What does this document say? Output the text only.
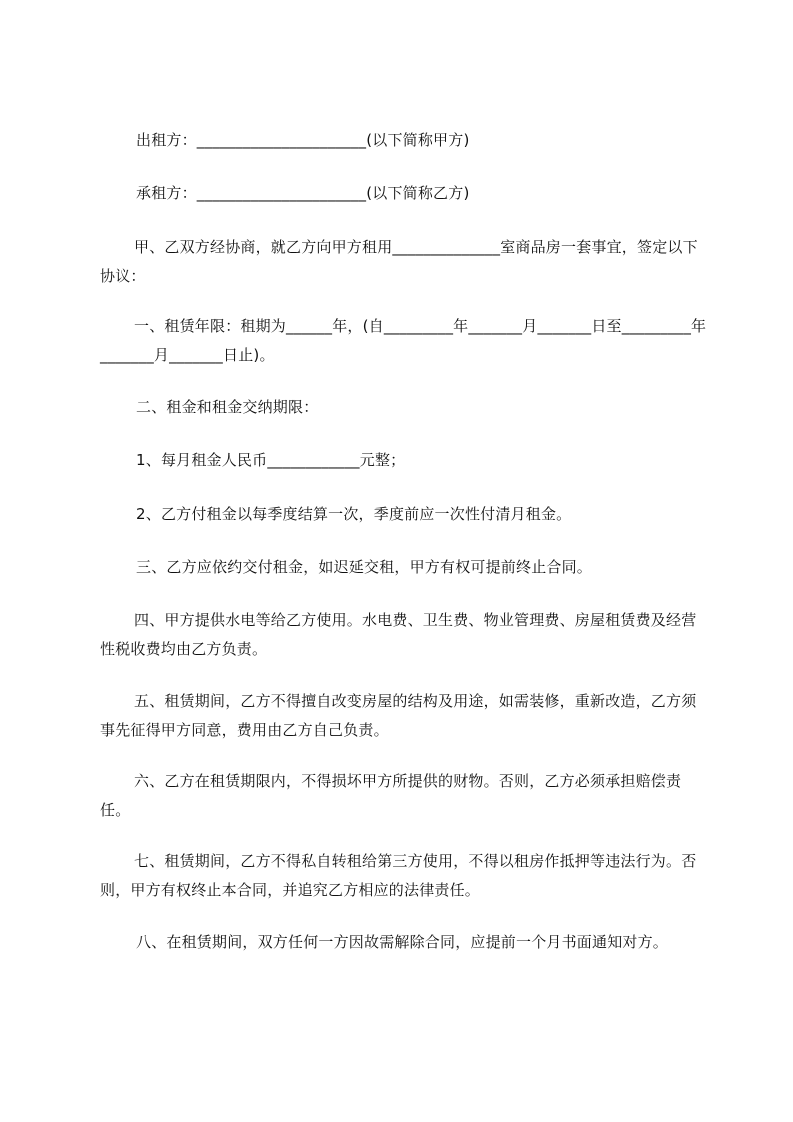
出租方：______________________(以下简称甲方)
承租方：______________________(以下简称乙方)
甲、乙双方经协商，就乙方向甲方租用______________室商品房一套事宜，签定以下协议：
一、租赁年限：租期为______年，(自_________年_______月_______日至_________年_______月_______日止)。
二、租金和租金交纳期限：
1、每月租金人民币____________元整；
2、乙方付租金以每季度结算一次，季度前应一次性付清月租金。
三、乙方应依约交付租金，如迟延交租，甲方有权可提前终止合同。
四、甲方提供水电等给乙方使用。水电费、卫生费、物业管理费、房屋租赁费及经营性税收费均由乙方负责。
五、租赁期间，乙方不得擅自改变房屋的结构及用途，如需装修，重新改造，乙方须事先征得甲方同意，费用由乙方自己负责。
六、乙方在租赁期限内，不得损坏甲方所提供的财物。否则，乙方必须承担赔偿责任。
七、租赁期间，乙方不得私自转租给第三方使用，不得以租房作抵押等违法行为。否则，甲方有权终止本合同，并追究乙方相应的法律责任。
八、在租赁期间，双方任何一方因故需解除合同，应提前一个月书面通知对方。
